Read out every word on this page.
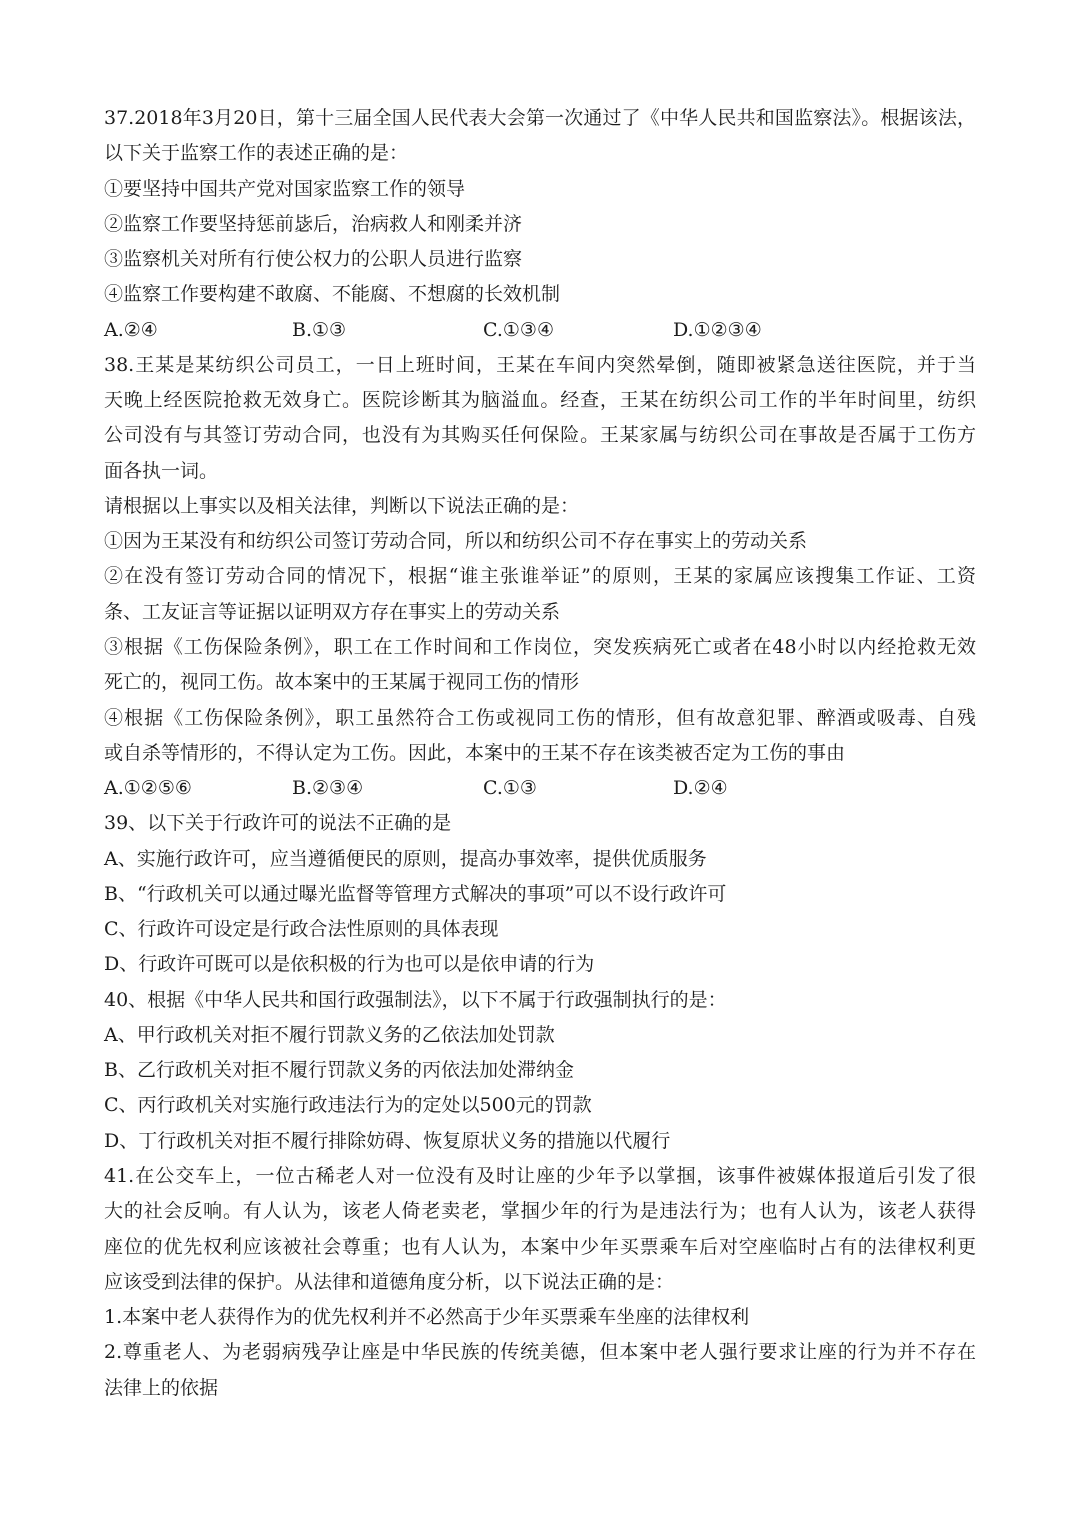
37.2018年3月20日，第十三届全国人民代表大会第一次通过了《中华人民共和国监察法》。根据该法，
以下关于监察工作的表述正确的是：
①要坚持中国共产党对国家监察工作的领导
②监察工作要坚持惩前毖后，治病救人和刚柔并济
③监察机关对所有行使公权力的公职人员进行监察
④监察工作要构建不敢腐、不能腐、不想腐的长效机制
A.②④	B.①③	C.①③④	D.①②③④
38.王某是某纺织公司员工，一日上班时间，王某在车间内突然晕倒，随即被紧急送往医院，并于当
天晚上经医院抢救无效身亡。医院诊断其为脑溢血。经查，王某在纺织公司工作的半年时间里，纺织
公司没有与其签订劳动合同，也没有为其购买任何保险。王某家属与纺织公司在事故是否属于工伤方
面各执一词。
请根据以上事实以及相关法律，判断以下说法正确的是：
①因为王某没有和纺织公司签订劳动合同，所以和纺织公司不存在事实上的劳动关系
②在没有签订劳动合同的情况下，根据“谁主张谁举证”的原则，王某的家属应该搜集工作证、工资
条、工友证言等证据以证明双方存在事实上的劳动关系
③根据《工伤保险条例》，职工在工作时间和工作岗位，突发疾病死亡或者在48小时以内经抢救无效
死亡的，视同工伤。故本案中的王某属于视同工伤的情形
④根据《工伤保险条例》，职工虽然符合工伤或视同工伤的情形，但有故意犯罪、醉酒或吸毒、自残
或自杀等情形的，不得认定为工伤。因此，本案中的王某不存在该类被否定为工伤的事由
A.①②⑤⑥	B.②③④	C.①③	D.②④
39、以下关于行政许可的说法不正确的是
A、实施行政许可，应当遵循便民的原则，提高办事效率，提供优质服务
B、“行政机关可以通过曝光监督等管理方式解决的事项”可以不设行政许可
C、行政许可设定是行政合法性原则的具体表现
D、行政许可既可以是依积极的行为也可以是依申请的行为
40、根据《中华人民共和国行政强制法》，以下不属于行政强制执行的是：
A、甲行政机关对拒不履行罚款义务的乙依法加处罚款
B、乙行政机关对拒不履行罚款义务的丙依法加处滞纳金
C、丙行政机关对实施行政违法行为的定处以500元的罚款
D、丁行政机关对拒不履行排除妨碍、恢复原状义务的措施以代履行
41.在公交车上，一位古稀老人对一位没有及时让座的少年予以掌掴，该事件被媒体报道后引发了很
大的社会反响。有人认为，该老人倚老卖老，掌掴少年的行为是违法行为；也有人认为，该老人获得
座位的优先权利应该被社会尊重；也有人认为，本案中少年买票乘车后对空座临时占有的法律权利更
应该受到法律的保护。从法律和道德角度分析，以下说法正确的是：
1.本案中老人获得作为的优先权利并不必然高于少年买票乘车坐座的法律权利
2.尊重老人、为老弱病残孕让座是中华民族的传统美德，但本案中老人强行要求让座的行为并不存在
法律上的依据
